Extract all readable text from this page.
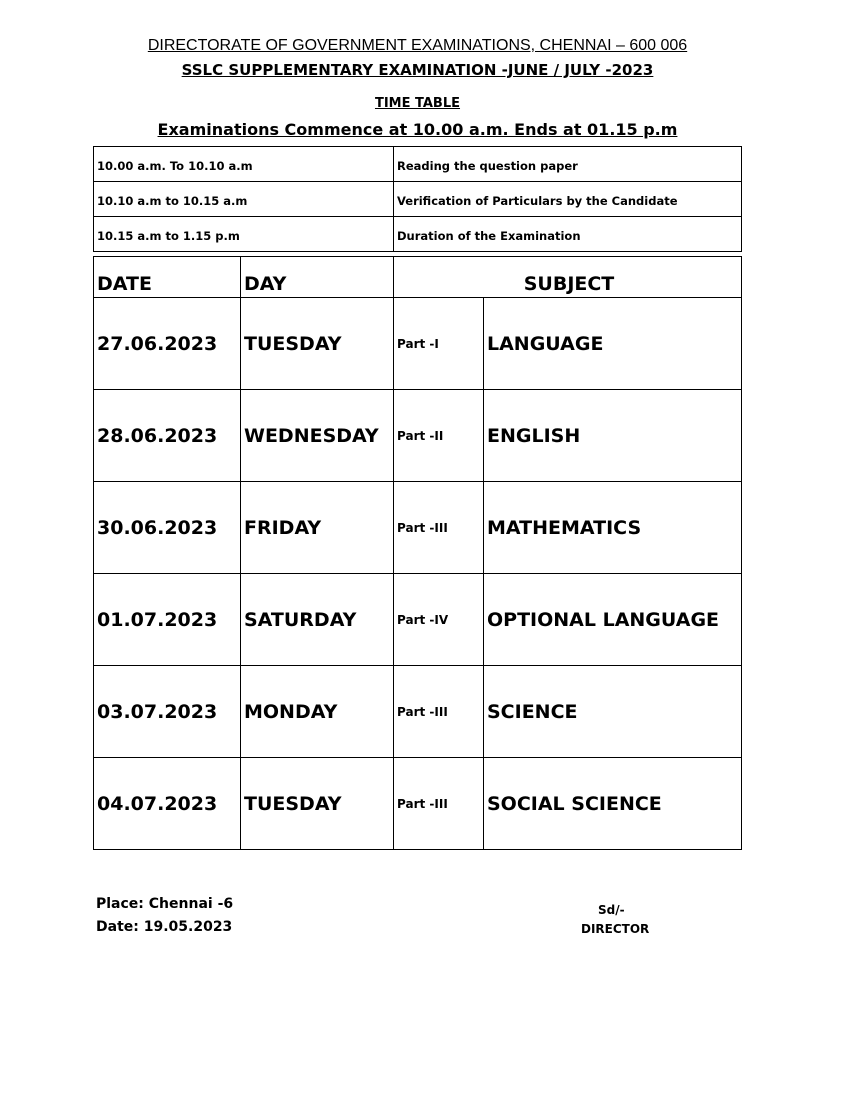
DIRECTORATE OF GOVERNMENT EXAMINATIONS, CHENNAI – 600 006
SSLC SUPPLEMENTARY EXAMINATION -JUNE / JULY -2023
TIME TABLE
Examinations Commence at 10.00 a.m. Ends at 01.15 p.m
10.00 a.m. To 10.10 a.m	Reading the question paper
10.10 a.m to 10.15 a.m	Verification of Particulars by the Candidate
10.15 a.m to 1.15 p.m	Duration of the Examination
DATE	DAY	SUBJECT	
27.06.2023	TUESDAY	Part -I	LANGUAGE
28.06.2023	WEDNESDAY	Part -II	ENGLISH
30.06.2023	FRIDAY	Part -III	MATHEMATICS
01.07.2023	SATURDAY	Part -IV	OPTIONAL LANGUAGE
03.07.2023	MONDAY	Part -III	SCIENCE
04.07.2023	TUESDAY	Part -III	SOCIAL SCIENCE
Place: Chennai -6
Date: 19.05.2023
Sd/-
DIRECTOR
